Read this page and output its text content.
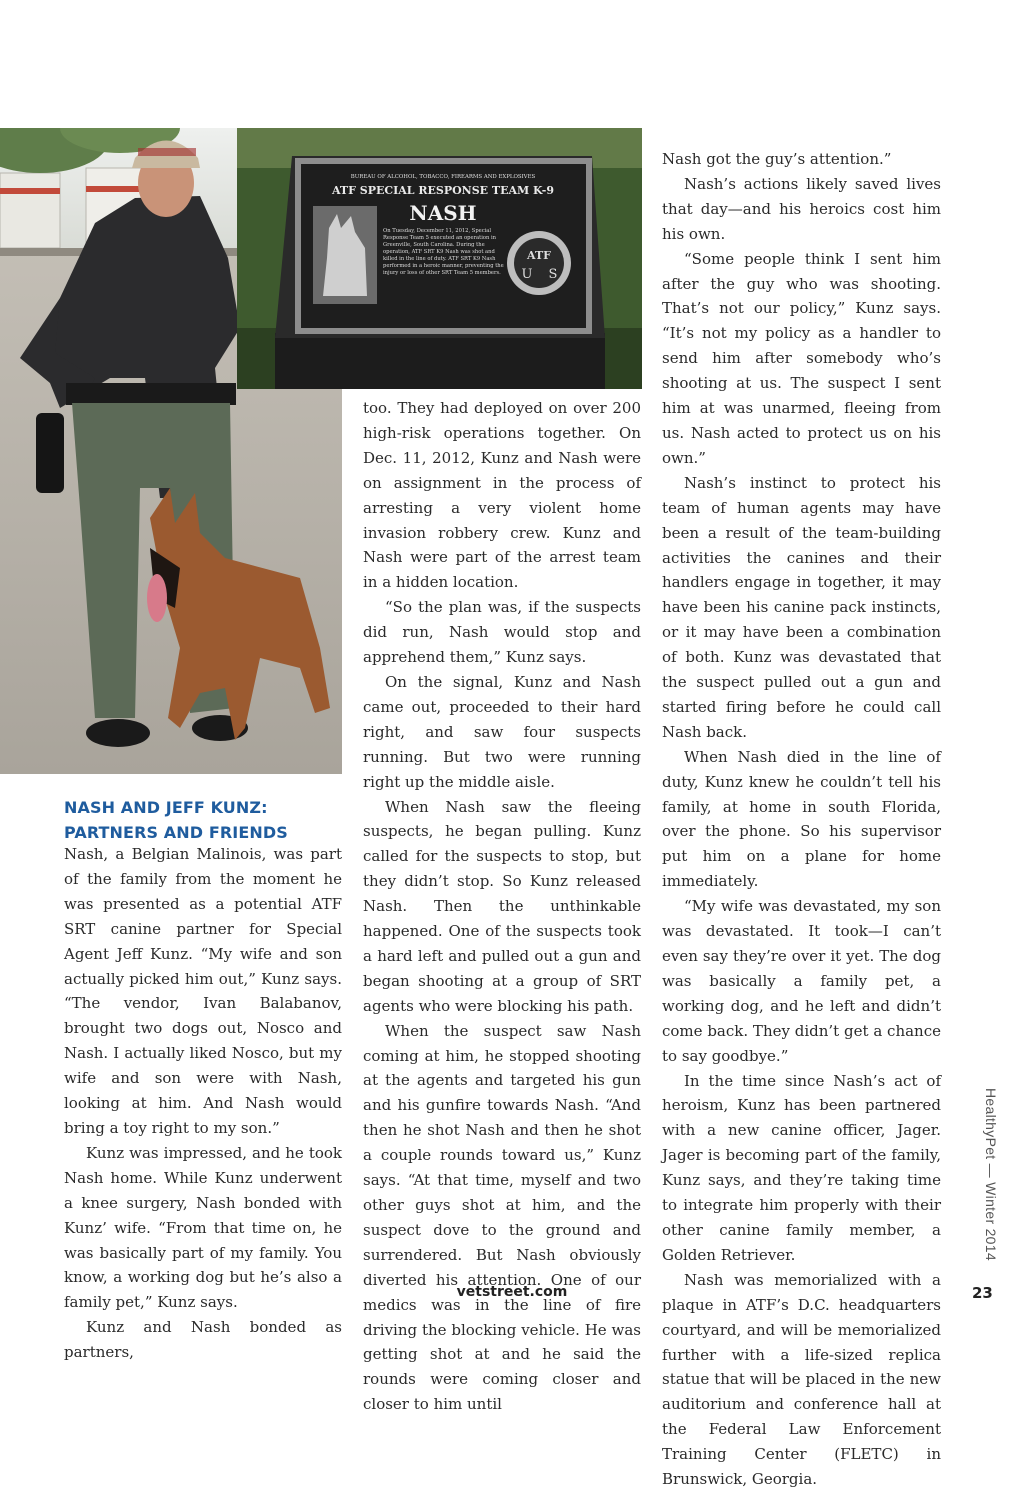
ATF
U S
BUREAU OF ALCOHOL, TOBACCO, FIREARMS AND EXPLOSIVES
ATF SPECIAL RESPONSE TEAM K-9
NASH
On Tuesday, December 11, 2012, Special Response Team 5 executed an operation in Greenville, South Carolina. During the operation, ATF SRT K9 Nash was shot and killed in the line of duty. ATF SRT K9 Nash performed in a heroic manner, preventing the injury or loss of other SRT Team 5 members.
NASH AND JEFF KUNZ: PARTNERS AND FRIENDS

Nash, a Belgian Malinois, was part of the family from the moment he was presented as a potential ATF SRT canine partner for Special Agent Jeff Kunz. “My wife and son actually picked him out,” Kunz says. “The vendor, Ivan Balabanov, brought two dogs out, Nosco and Nash. I actually liked Nosco, but my wife and son were with Nash, looking at him. And Nash would bring a toy right to my son.”

Kunz was impressed, and he took Nash home. While Kunz underwent a knee surgery, Nash bonded with Kunz’ wife. “From that time on, he was basically part of my family. You know, a working dog but he’s also a family pet,” Kunz says.

Kunz and Nash bonded as partners,

too. They had deployed on over 200 high-risk operations together. On Dec. 11, 2012, Kunz and Nash were on assignment in the process of arresting a very violent home invasion robbery crew. Kunz and Nash were part of the arrest team in a hidden location.

“So the plan was, if the suspects did run, Nash would stop and apprehend them,” Kunz says.

On the signal, Kunz and Nash came out, proceeded to their hard right, and saw four suspects running. But two were running right up the middle aisle.

When Nash saw the fleeing suspects, he began pulling. Kunz called for the suspects to stop, but they didn’t stop. So Kunz released Nash. Then the unthinkable happened. One of the suspects took a hard left and pulled out a gun and began shooting at a group of SRT agents who were blocking his path.

When the suspect saw Nash coming at him, he stopped shooting at the agents and targeted his gun and his gunfire towards Nash. “And then he shot Nash and then he shot a couple rounds toward us,” Kunz says. “At that time, myself and two other guys shot at him, and the suspect dove to the ground and surrendered. But Nash obviously diverted his attention. One of our medics was in the line of fire driving the blocking vehicle. He was getting shot at and he said the rounds were coming closer and closer to him until

Nash got the guy’s attention.”

Nash’s actions likely saved lives that day—and his heroics cost him his own.

“Some people think I sent him after the guy who was shooting. That’s not our policy,” Kunz says. “It’s not my policy as a handler to send him after somebody who’s shooting at us. The suspect I sent him at was unarmed, fleeing from us. Nash acted to protect us on his own.”

Nash’s instinct to protect his team of human agents may have been a result of the team-building activities the canines and their handlers engage in together, it may have been his canine pack instincts, or it may have been a combination of both. Kunz was devastated that the suspect pulled out a gun and started firing before he could call Nash back.

When Nash died in the line of duty, Kunz knew he couldn’t tell his family, at home in south Florida, over the phone. So his supervisor put him on a plane for home immediately.

“My wife was devastated, my son was devastated. It took—I can’t even say they’re over it yet. The dog was basically a family pet, a working dog, and he left and didn’t come back. They didn’t get a chance to say goodbye.”

In the time since Nash’s act of heroism, Kunz has been partnered with a new canine officer, Jager. Jager is becoming part of the family, Kunz says, and they’re taking time to integrate him properly with their other canine family member, a Golden Retriever.

Nash was memorialized with a plaque in ATF’s D.C. headquarters courtyard, and will be memorialized further with a life-sized replica statue that will be placed in the new auditorium and conference hall at the Federal Law Enforcement Training Center (FLETC) in Brunswick, Georgia.

HealthyPet — Winter 2014
vetstreet.com	23
